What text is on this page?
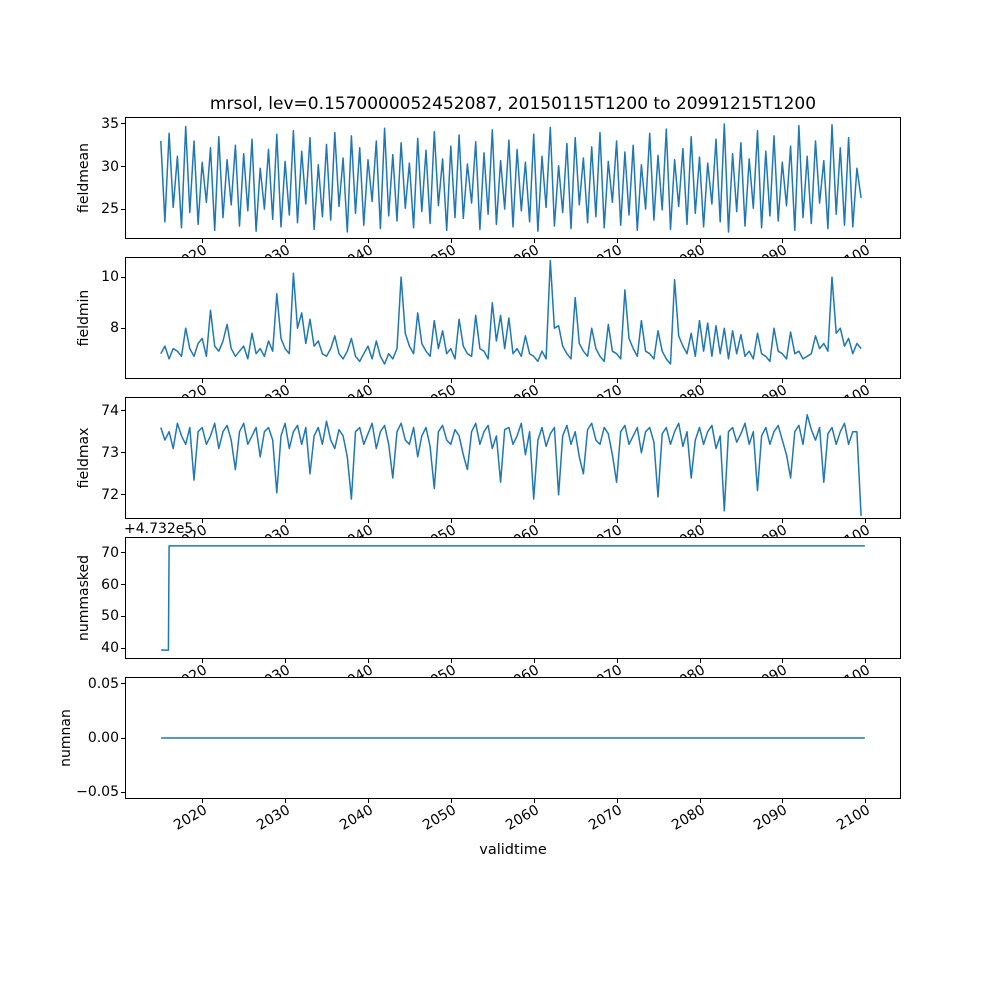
mrsol, lev=0.1570000052452087, 20150115T1200 to 20991215T1200
fieldmean 25
30
35
fieldmin	8
10
fieldmax
72
73
74
+4.732e5
nummasked
40
50
60
70
numnan
−0.05
0.00
0.05
2020	2030	2040	2050	2060	2070	2080	2090	2100
validtime
